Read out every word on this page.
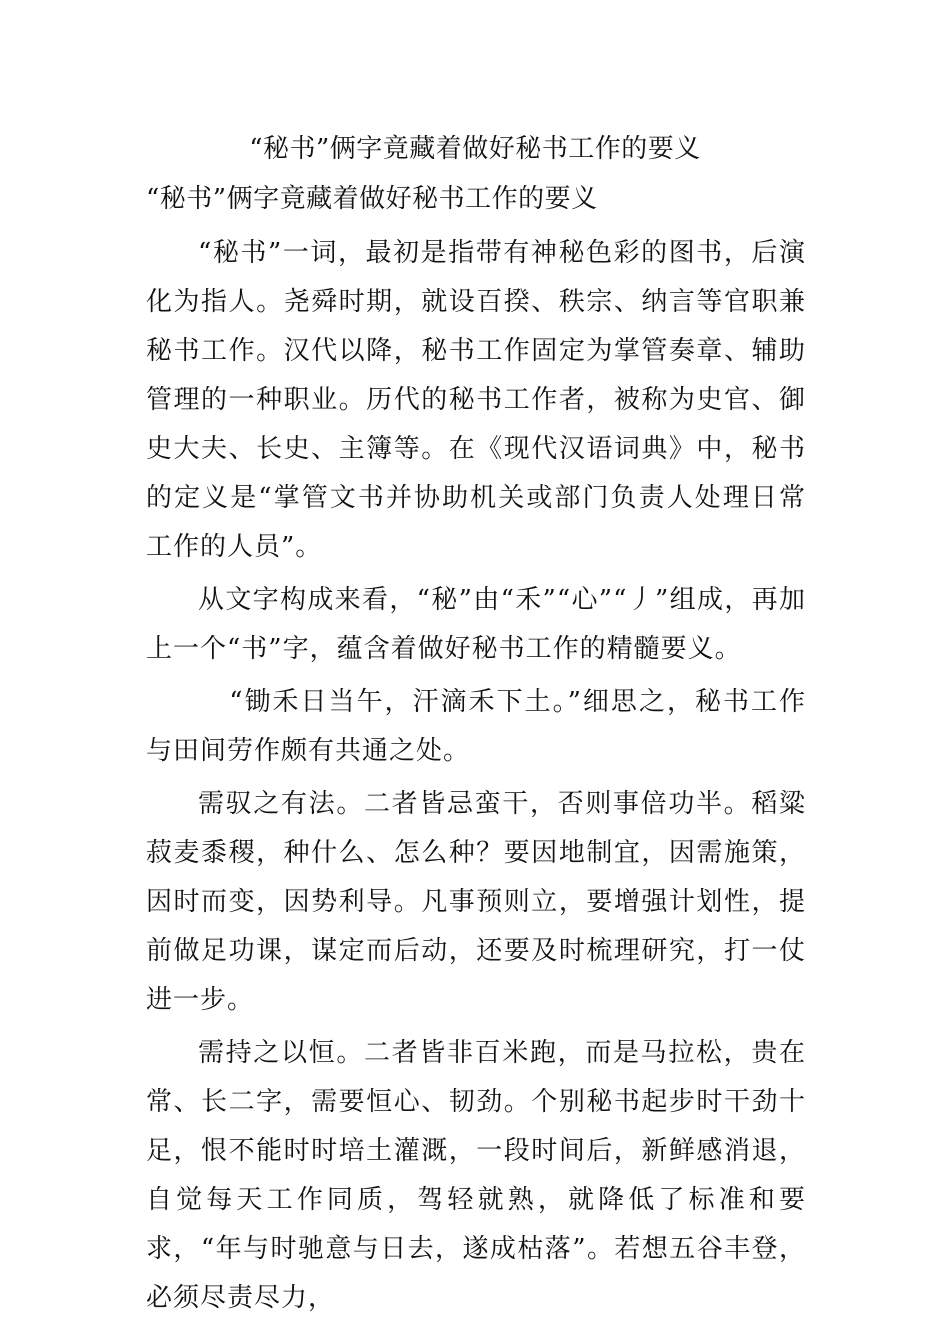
“秘书”俩字竟藏着做好秘书工作的要义
“秘书”俩字竟藏着做好秘书工作的要义

“秘书”一词，最初是指带有神秘色彩的图书，后演化为指人。尧舜时期，就设百揆、秩宗、纳言等官职兼秘书工作。汉代以降，秘书工作固定为掌管奏章、辅助管理的一种职业。历代的秘书工作者，被称为史官、御史大夫、长史、主簿等。在《现代汉语词典》中，秘书的定义是“掌管文书并协助机关或部门负责人处理日常工作的人员”。

从文字构成来看，“秘”由“禾”“心”“丿”组成，再加上一个“书”字，蕴含着做好秘书工作的精髓要义。

“锄禾日当午，汗滴禾下土。”细思之，秘书工作与田间劳作颇有共通之处。

需驭之有法。二者皆忌蛮干，否则事倍功半。稻粱菽麦黍稷，种什么、怎么种？要因地制宜，因需施策，因时而变，因势利导。凡事预则立，要增强计划性，提前做足功课，谋定而后动，还要及时梳理研究，打一仗进一步。

需持之以恒。二者皆非百米跑，而是马拉松，贵在常、长二字，需要恒心、韧劲。个别秘书起步时干劲十足，恨不能时时培土灌溉，一段时间后，新鲜感消退，自觉每天工作同质，驾轻就熟，就降低了标准和要求，“年与时驰意与日去，遂成枯落”。若想五谷丰登，必须尽责尽力，
